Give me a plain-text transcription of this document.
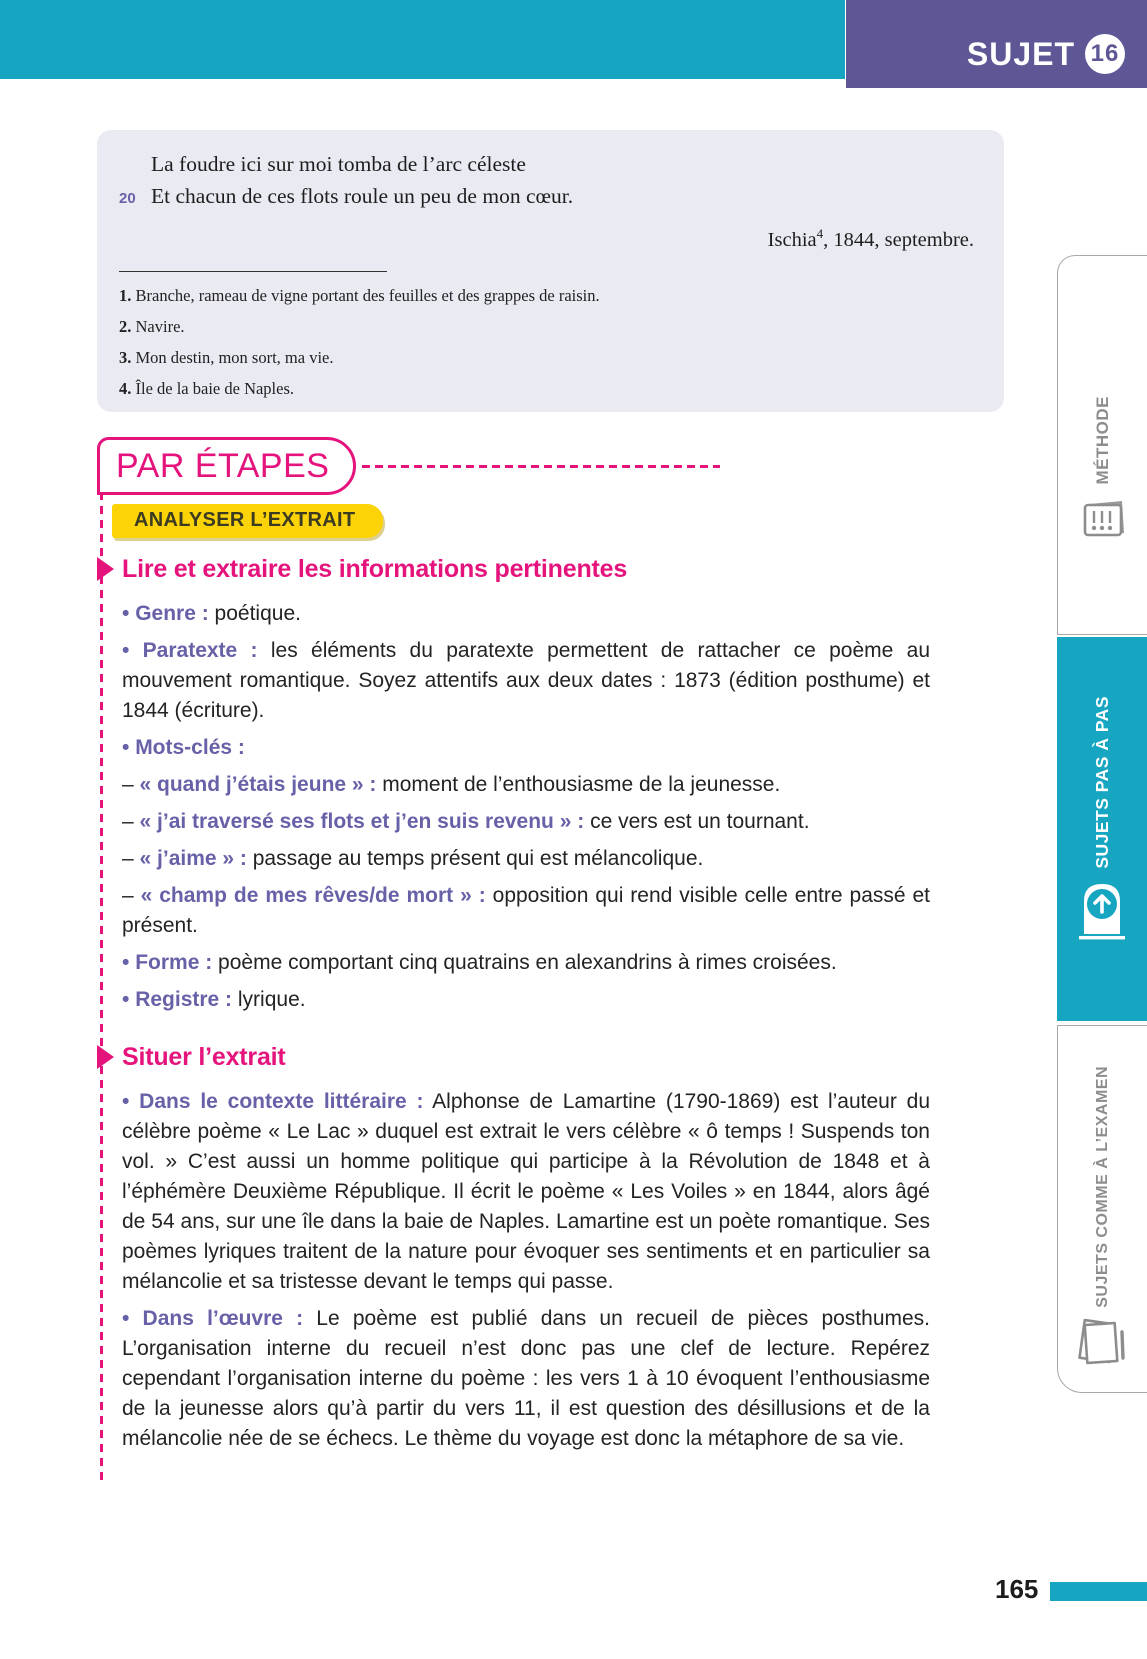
SUJET 16
La foudre ici sur moi tomba de l’arc céleste
20 Et chacun de ces flots roule un peu de mon cœur.
Ischia$^4$, 1844, septembre.
1. Branche, rameau de vigne portant des feuilles et des grappes de raisin.
2. Navire.
3. Mon destin, mon sort, ma vie.
4. Île de la baie de Naples.
PAR ÉTAPES
ANALYSER L’EXTRAIT
Lire et extraire les informations pertinentes

• Genre : poétique.

• Paratexte : les éléments du paratexte permettent de rattacher ce poème au mouvement romantique. Soyez attentifs aux deux dates : 1873 (édition posthume) et 1844 (écriture).

• Mots-clés :

– « quand j’étais jeune » : moment de l’enthousiasme de la jeunesse.

– « j’ai traversé ses flots et j’en suis revenu » : ce vers est un tournant.

– « j’aime » : passage au temps présent qui est mélancolique.

– « champ de mes rêves/de mort » : opposition qui rend visible celle entre passé et présent.

• Forme : poème comportant cinq quatrains en alexandrins à rimes croisées.

• Registre : lyrique.

Situer l’extrait

• Dans le contexte littéraire : Alphonse de Lamartine (1790-1869) est l’auteur du célèbre poème « Le Lac » duquel est extrait le vers célèbre « ô temps ! Suspends ton vol. » C’est aussi un homme politique qui participe à la Révolution de 1848 et à l’éphémère Deuxième République. Il écrit le poème « Les Voiles » en 1844, alors âgé de 54 ans, sur une île dans la baie de Naples. Lamartine est un poète romantique. Ses poèmes lyriques traitent de la nature pour évoquer ses sentiments et en particulier sa mélancolie et sa tristesse devant le temps qui passe.

• Dans l’œuvre : Le poème est publié dans un recueil de pièces posthumes. L’organisation interne du recueil n’est donc pas une clef de lecture. Repérez cependant l’organisation interne du poème : les vers 1 à 10 évoquent l’enthousiasme de la jeunesse alors qu’à partir du vers 11, il est question des désillusions et de la mélancolie née de se échecs. Le thème du voyage est donc la métaphore de sa vie.

MÉTHODE
SUJETS PAS À PAS
SUJETS COMME À L’EXAMEN
165
